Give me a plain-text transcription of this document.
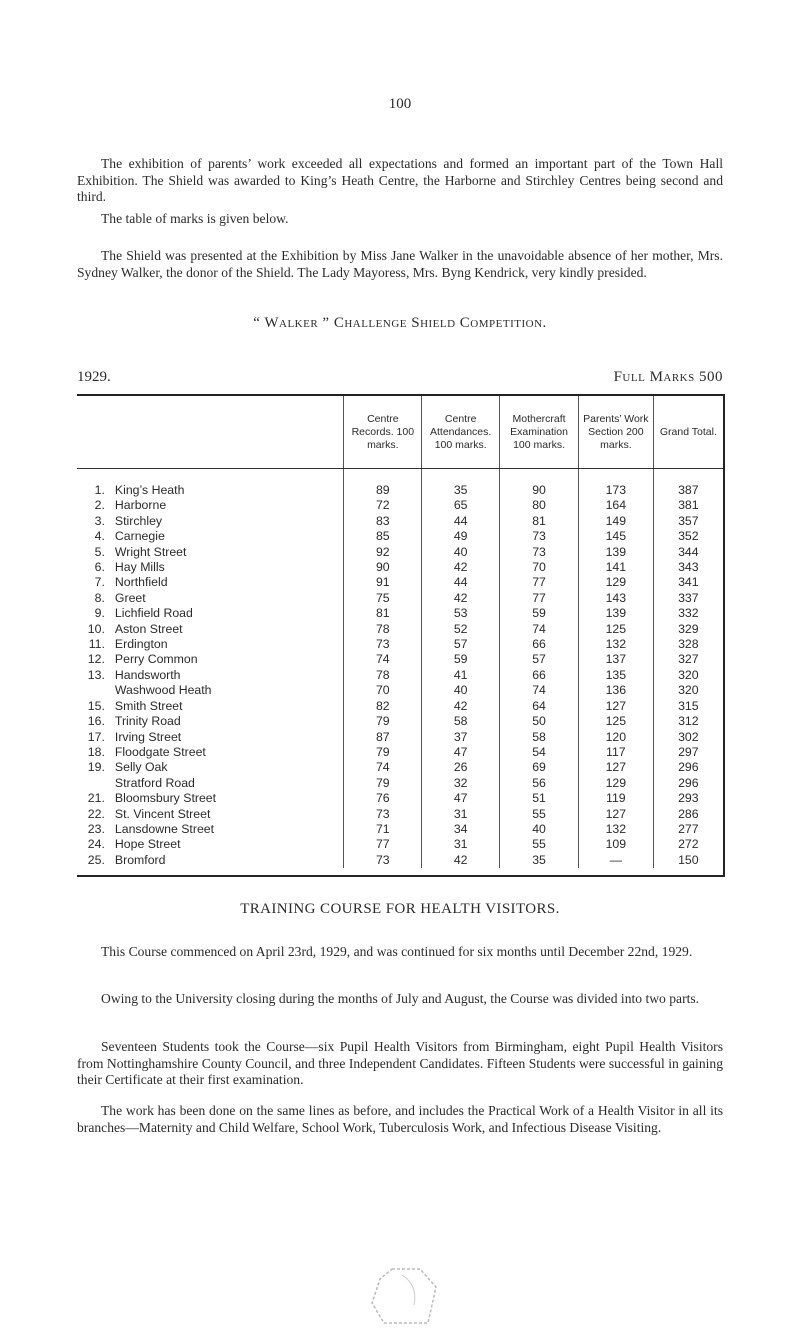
100

The exhibition of parents’ work exceeded all expectations and formed an important part of the Town Hall Exhibition. The Shield was awarded to King’s Heath Centre, the Harborne and Stirchley Centres being second and third.

The table of marks is given below.

The Shield was presented at the Exhibition by Miss Jane Walker in the unavoidable absence of her mother, Mrs. Sydney Walker, the donor of the Shield. The Lady Mayoress, Mrs. Byng Kendrick, very kindly presided.

“ Walker ” Challenge Shield Competition.
1929.	Full Marks 500
		Centre Records. 100 marks.	Centre Attendances. 100 marks.	Mothercraft Examination 100 marks.	Parents’ Work Section 200 marks.	Grand Total.
1.	King’s Heath	89	35	90	173	387
2.	Harborne	72	65	80	164	381
3.	Stirchley	83	44	81	149	357
4.	Carnegie	85	49	73	145	352
5.	Wright Street	92	40	73	139	344
6.	Hay Mills	90	42	70	141	343
7.	Northfield	91	44	77	129	341
8.	Greet	75	42	77	143	337
9.	Lichfield Road	81	53	59	139	332
10.	Aston Street	78	52	74	125	329
11.	Erdington	73	57	66	132	328
12.	Perry Common	74	59	57	137	327
13.	Handsworth	78	41	66	135	320
	Washwood Heath	70	40	74	136	320
15.	Smith Street	82	42	64	127	315
16.	Trinity Road	79	58	50	125	312
17.	Irving Street	87	37	58	120	302
18.	Floodgate Street	79	47	54	117	297
19.	Selly Oak	74	26	69	127	296
	Stratford Road	79	32	56	129	296
21.	Bloomsbury Street	76	47	51	119	293
22.	St. Vincent Street	73	31	55	127	286
23.	Lansdowne Street	71	34	40	132	277
24.	Hope Street	77	31	55	109	272
25.	Bromford	73	42	35	—	150
TRAINING COURSE FOR HEALTH VISITORS.

This Course commenced on April 23rd, 1929, and was continued for six months until December 22nd, 1929.

Owing to the University closing during the months of July and August, the Course was divided into two parts.

Seventeen Students took the Course—six Pupil Health Visitors from Birmingham, eight Pupil Health Visitors from Nottinghamshire County Council, and three Independent Candidates. Fifteen Students were successful in gaining their Certificate at their first examination.

The work has been done on the same lines as before, and includes the Practical Work of a Health Visitor in all its branches—Maternity and Child Welfare, School Work, Tuberculosis Work, and Infectious Disease Visiting.
